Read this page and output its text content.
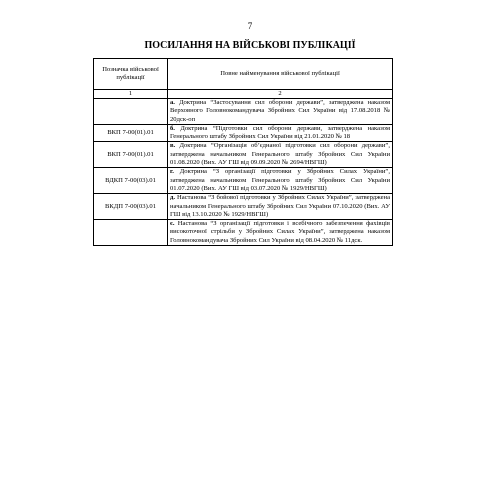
7
ПОСИЛАННЯ НА ВІЙСЬКОВІ ПУБЛІКАЦІЇ
Позначка військової публікації	Повне найменування військової публікації
1	2
	а. Доктрина “Застосування сил оборони держави”, затверджена наказом Верховного Головнокомандувача Збройних Сил України від 17.08.2018 № 20дск-оп
ВКП 7-00(01).01	б. Доктрина “Підготовки сил оборони держави, затверджена наказом Генерального штабу Збройних Сил України від 21.01.2020 № 18
ВКП 7-00(01).01	в. Доктрина “Організація об’єднаної підготовки сил оборони держави”, затверджена начальником Генерального штабу Збройних Сил України 01.08.2020 (Вих. АУ ГШ від 09.09.2020 № 2694/НВГШ)
ВДКП 7-00(03).01	г. Доктрина “З організації підготовки у Збройних Силах України”, затверджена начальником Генерального штабу Збройних Сил України 01.07.2020 (Вих. АУ ГШ від 03.07.2020 № 1929/НВГШ)
ВКДП 7-00(03).01	д. Настанова “З бойової підготовки у Збройних Силах України”, затверджена начальником Генерального штабу Збройних Сил України 07.10.2020 (Вих. АУ ГШ від 13.10.2020 № 1929/НВГШ)
	є. Настанова “З організації підготовки і всебічного забезпечення фахівців високоточної стрільби у Збройних Силах України”, затверджена наказом Головнокомандувача Збройних Сил України від 08.04.2020 № 11дск.
